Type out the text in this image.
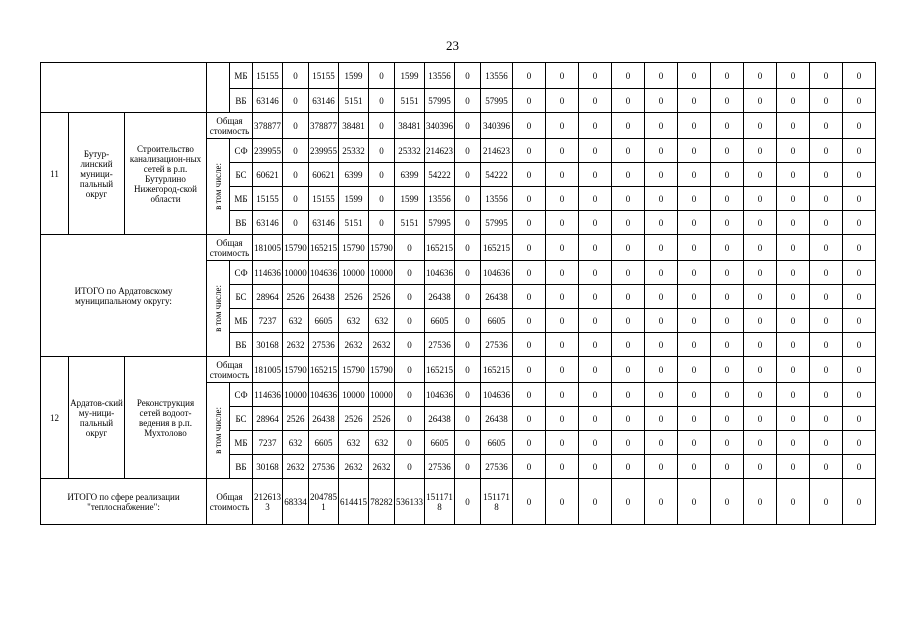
23
				МБ	15155	0	15155	1599	0	1599	13556	0	13556	0	0	0	0	0	0	0	0	0	0	0
				ВБ	63146	0	63146	5151	0	5151	57995	0	57995	0	0	0	0	0	0	0	0	0	0	0
11	Бутур-линский муници-пальный округ	Строительство канализацион-ных сетей в р.п. Бутурлино Нижегород-ской области	Общая стоимость		378877	0	378877	38481	0	38481	340396	0	340396	0	0	0	0	0	0	0	0	0	0	0

			в том числе:	СФ	239955	0	239955	25332	0	25332	214623	0	214623	0	0	0	0	0	0	0	0	0	0	0
				БС	60621	0	60621	6399	0	6399	54222	0	54222	0	0	0	0	0	0	0	0	0	0	0
				МБ	15155	0	15155	1599	0	1599	13556	0	13556	0	0	0	0	0	0	0	0	0	0	0
				ВБ	63146	0	63146	5151	0	5151	57995	0	57995	0	0	0	0	0	0	0	0	0	0	0
ИТОГО по Ардатовскому муниципальному округу:			Общая стоимость		181005	15790	165215	15790	15790	0	165215	0	165215	0	0	0	0	0	0	0	0	0	0	0

			в том числе:	СФ	114636	10000	104636	10000	10000	0	104636	0	104636	0	0	0	0	0	0	0	0	0	0	0
				БС	28964	2526	26438	2526	2526	0	26438	0	26438	0	0	0	0	0	0	0	0	0	0	0
				МБ	7237	632	6605	632	632	0	6605	0	6605	0	0	0	0	0	0	0	0	0	0	0
				ВБ	30168	2632	27536	2632	2632	0	27536	0	27536	0	0	0	0	0	0	0	0	0	0	0
12	Ардатов-ский му-ници-пальный округ	Реконструкция сетей водоот-ведения в р.п. Мухтолово	Общая стоимость		181005	15790	165215	15790	15790	0	165215	0	165215	0	0	0	0	0	0	0	0	0	0	0

			в том числе:	СФ	114636	10000	104636	10000	10000	0	104636	0	104636	0	0	0	0	0	0	0	0	0	0	0
				БС	28964	2526	26438	2526	2526	0	26438	0	26438	0	0	0	0	0	0	0	0	0	0	0
				МБ	7237	632	6605	632	632	0	6605	0	6605	0	0	0	0	0	0	0	0	0	0	0
				ВБ	30168	2632	27536	2632	2632	0	27536	0	27536	0	0	0	0	0	0	0	0	0	0	0
ИТОГО по сфере реализации "теплоснабжение":			Общая стоимость		2126133	68334	2047851	614415	78282	536133	1511718	0	1511718	0	0	0	0	0	0	0	0	0	0	0
